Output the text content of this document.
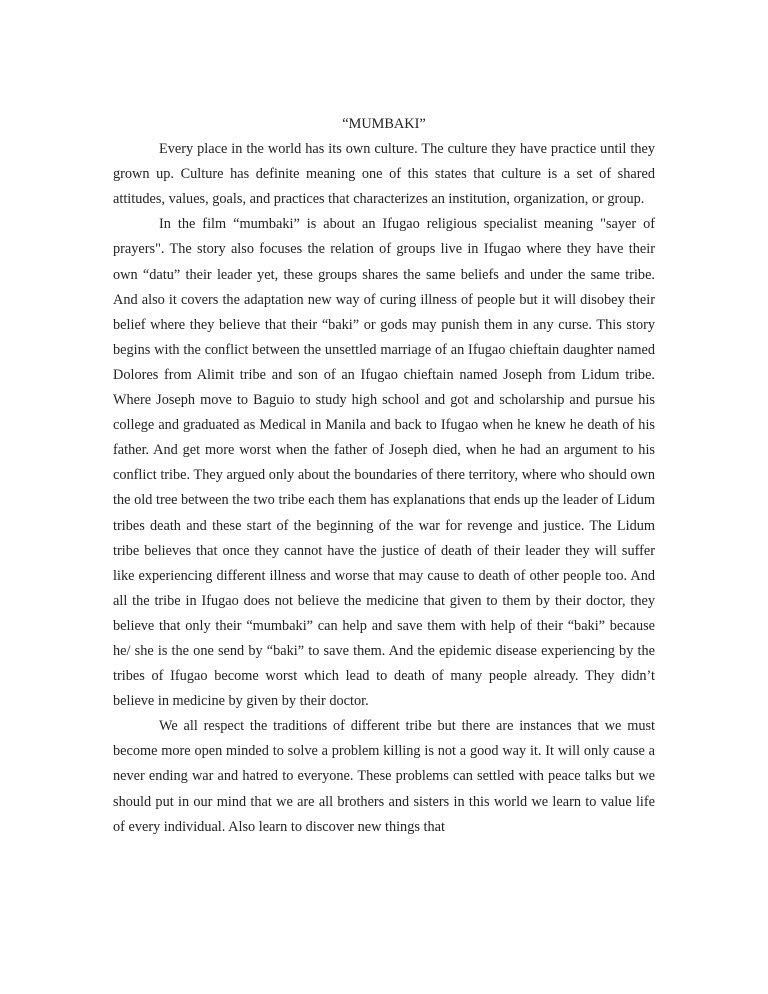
“MUMBAKI”

Every place in the world has its own culture. The culture they have practice until they grown up. Culture has definite meaning one of this states that culture is a set of shared attitudes, values, goals, and practices that characterizes an institution, organization, or group.

In the film “mumbaki” is about an Ifugao religious specialist meaning "sayer of prayers". The story also focuses the relation of groups live in Ifugao where they have their own “datu” their leader yet, these groups shares the same beliefs and under the same tribe. And also it covers the adaptation new way of curing illness of people but it will disobey their belief where they believe that their “baki” or gods may punish them in any curse. This story begins with the conflict between the unsettled marriage of an Ifugao chieftain daughter named Dolores from Alimit tribe and son of an Ifugao chieftain named Joseph from Lidum tribe. Where Joseph move to Baguio to study high school and got and scholarship and pursue his college and graduated as Medical in Manila and back to Ifugao when he knew he death of his father. And get more worst when the father of Joseph died, when he had an argument to his conflict tribe. They argued only about the boundaries of there territory, where who should own the old tree between the two tribe each them has explanations that ends up the leader of Lidum tribes death and these start of the beginning of the war for revenge and justice. The Lidum tribe believes that once they cannot have the justice of death of their leader they will suffer like experiencing different illness and worse that may cause to death of other people too. And all the tribe in Ifugao does not believe the medicine that given to them by their doctor, they believe that only their “mumbaki” can help and save them with help of their “baki” because he/ she is the one send by “baki” to save them. And the epidemic disease experiencing by the tribes of Ifugao become worst which lead to death of many people already. They didn’t believe in medicine by given by their doctor.

We all respect the traditions of different tribe but there are instances that we must become more open minded to solve a problem killing is not a good way it. It will only cause a never ending war and hatred to everyone. These problems can settled with peace talks but we should put in our mind that we are all brothers and sisters in this world we learn to value life of every individual. Also learn to discover new things that
